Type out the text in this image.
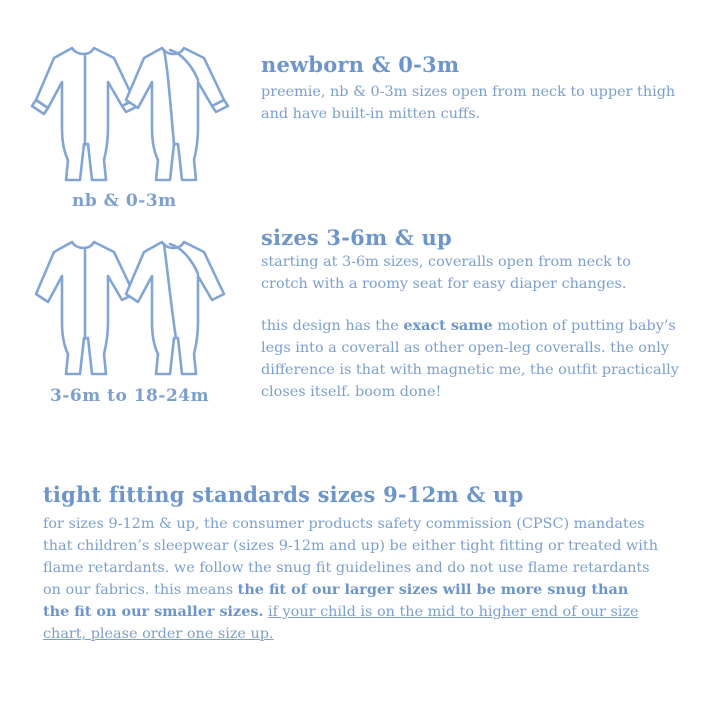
nb & 0-3m
newborn & 0-3m

preemie, nb & 0-3m sizes open from neck to upper thigh and have built-in mitten cuffs.

3-6m to 18-24m
sizes 3-6m & up

starting at 3-6m sizes, coveralls open from neck to crotch with a roomy seat for easy diaper changes.

this design has the exact same motion of putting baby’s legs into a coverall as other open-leg coveralls. the only difference is that with magnetic me, the outfit practically closes itself. boom done!

tight fitting standards sizes 9-12m & up

for sizes 9-12m & up, the consumer products safety commission (CPSC) mandates that children’s sleepwear (sizes 9-12m and up) be either tight fitting or treated with flame retardants. we follow the snug fit guidelines and do not use flame retardants on our fabrics. this means the fit of our larger sizes will be more snug than the fit on our smaller sizes. if your child is on the mid to higher end of our size chart, please order one size up.
